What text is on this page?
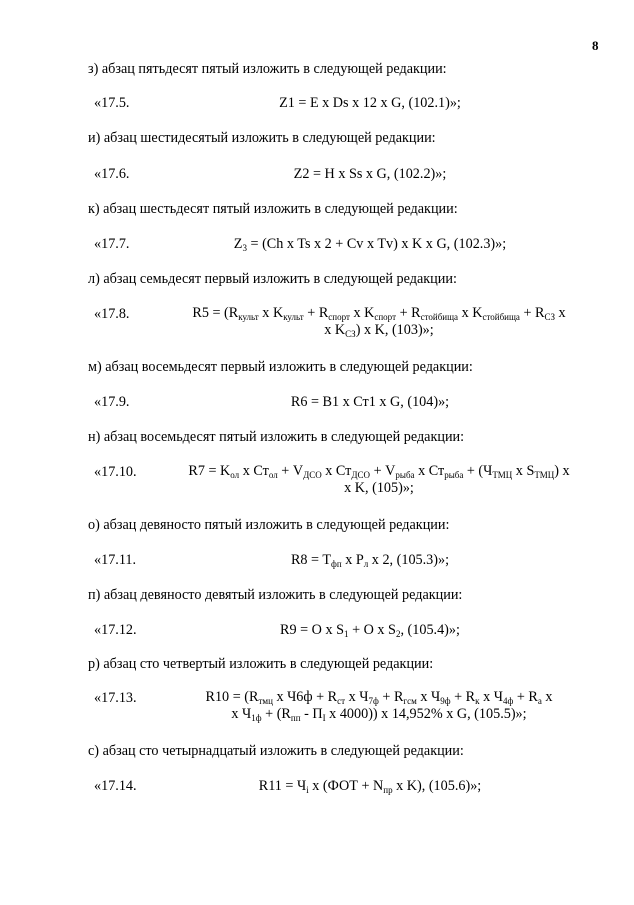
8
з) абзац пятьдесят пятый изложить в следующей редакции:
«17.5.	Z1 = E x Ds x 12 x G, (102.1)»;
и) абзац шестидесятый изложить в следующей редакции:
«17.6.	Z2 = H x Ss x G, (102.2)»;
к) абзац шестьдесят пятый изложить в следующей редакции:
«17.7.	$Z_3 = (Ch$ x Ts x 2 + Cv x Tv) x K x G, (102.3)»;
л) абзац семьдесят первый изложить в следующей редакции:
«17.8.	$R5 = (R_{культ}$ x $K_{культ} + R_{спорт}$ x $K_{спорт} + R_{стойбища}$ x $K_{стойбища} + R_{СЗ}$ x
x $K_{СЗ}$) x K, (103)»;
м) абзац восемьдесят первый изложить в следующей редакции:
«17.9.	R6 = B1 x Ст1 x G, (104)»;
н) абзац восемьдесят пятый изложить в следующей редакции:
«17.10.	$R7 = K_{ол}$ x $Ст_{ол} + V_{ДСО}$ x $Ст_{ДСО} + V_{рыба}$ x $Ст_{рыба} + (Ч_{ТМЦ}$ x $S_{ТМЦ}$) x
x K, (105)»;
о) абзац девяносто пятый изложить в следующей редакции:
«17.11.	$R8 = T_{фп}$ x $P_л$ x 2, (105.3)»;
п) абзац девяносто девятый изложить в следующей редакции:
«17.12.	R9 = O x $S_1 + O$ x $S_2$, (105.4)»;
р) абзац сто четвертый изложить в следующей редакции:
«17.13.	$R10 = (R_{тмц}$ x $Ч6ф + R_{ст}$ x $Ч_{7ф} + R_{гсм}$ x $Ч_{9ф} + R_к$ x $Ч_{4ф} + R_а$ x
x $Ч_{1ф} + (R_{пп} - П_I$ x 4000)) x 14,952% x G, (105.5)»;
с) абзац сто четырнадцатый изложить в следующей редакции:
«17.14.	$R11 = Ч_i$ x ($ФОТ + N_{пр}$ x K), (105.6)»;
